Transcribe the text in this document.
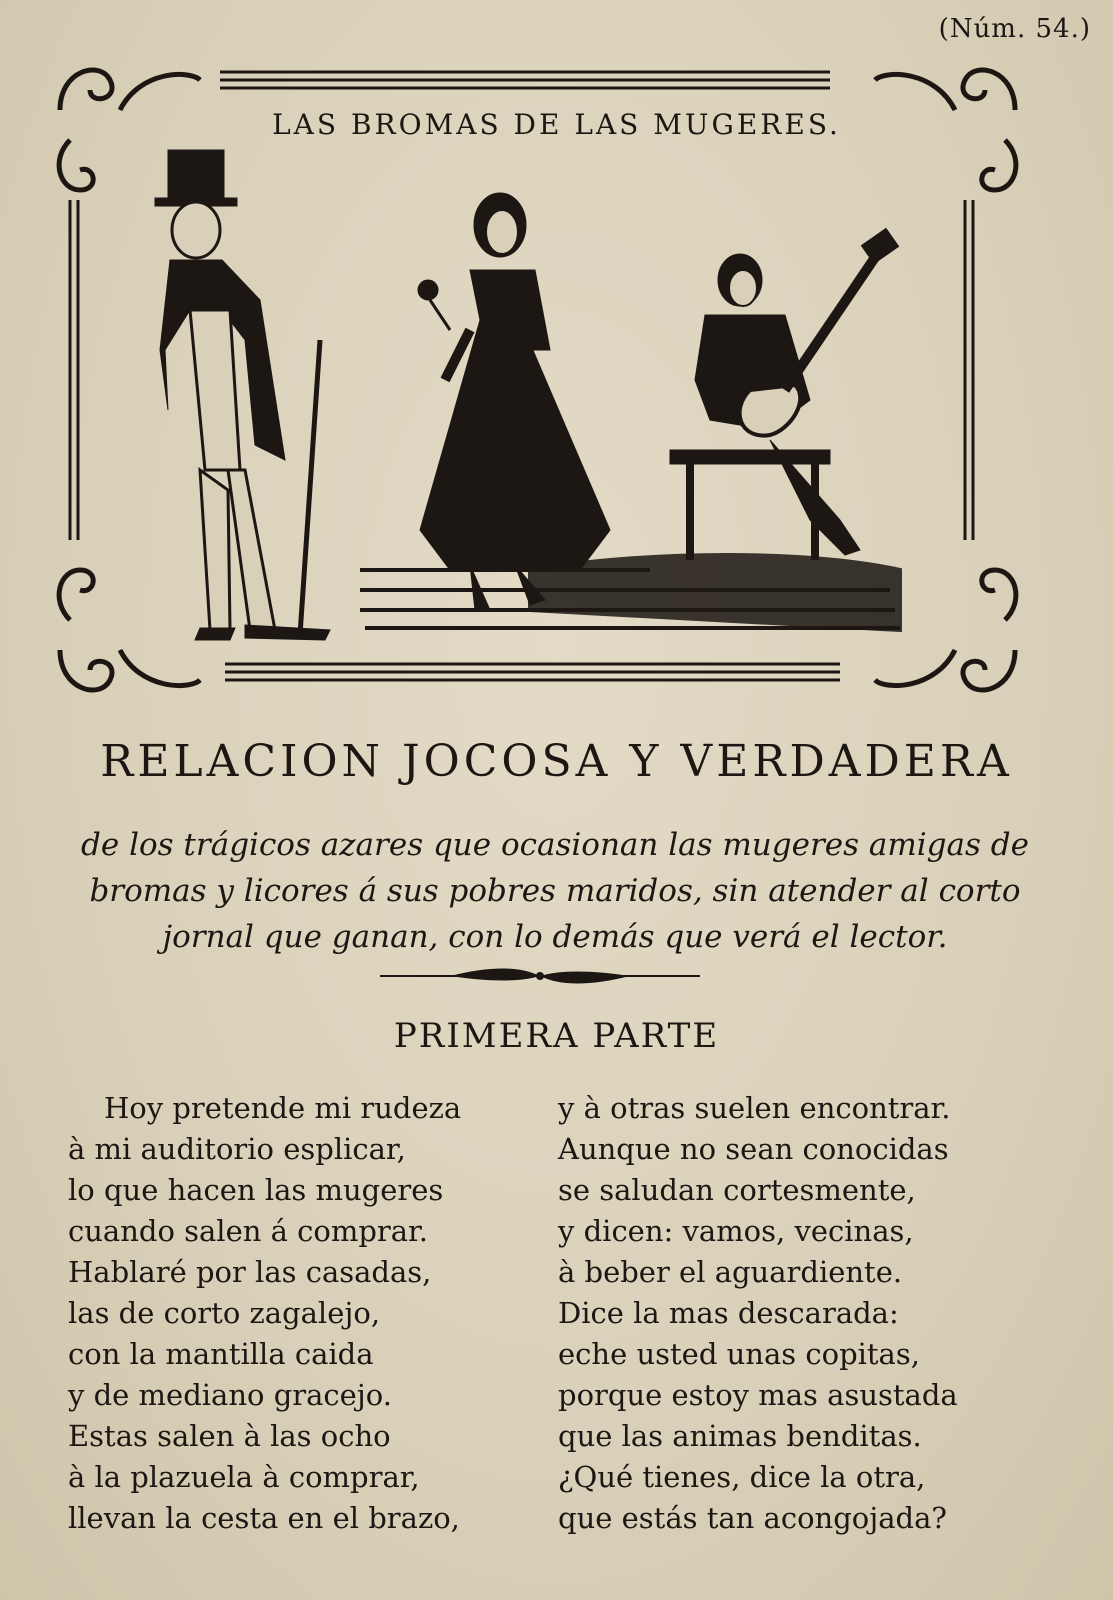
(Núm. 54.)
LAS BROMAS DE LAS MUGERES.
RELACION JOCOSA Y VERDADERA
de los trágicos azares que ocasionan las mugeres amigas de
bromas y licores á sus pobres maridos, sin atender al corto
jornal que ganan, con lo demás que verá el lector.
PRIMERA PARTE
Hoy pretende mi rudeza
à mi auditorio esplicar,
lo que hacen las mugeres
cuando salen á comprar.
Hablaré por las casadas,
las de corto zagalejo,
con la mantilla caida
y de mediano gracejo.
Estas salen à las ocho
à la plazuela à comprar,
llevan la cesta en el brazo,
y à otras suelen encontrar.
Aunque no sean conocidas
se saludan cortesmente,
y dicen: vamos, vecinas,
à beber el aguardiente.
Dice la mas descarada:
eche usted unas copitas,
porque estoy mas asustada
que las animas benditas.
¿Qué tienes, dice la otra,
que estás tan acongojada?
